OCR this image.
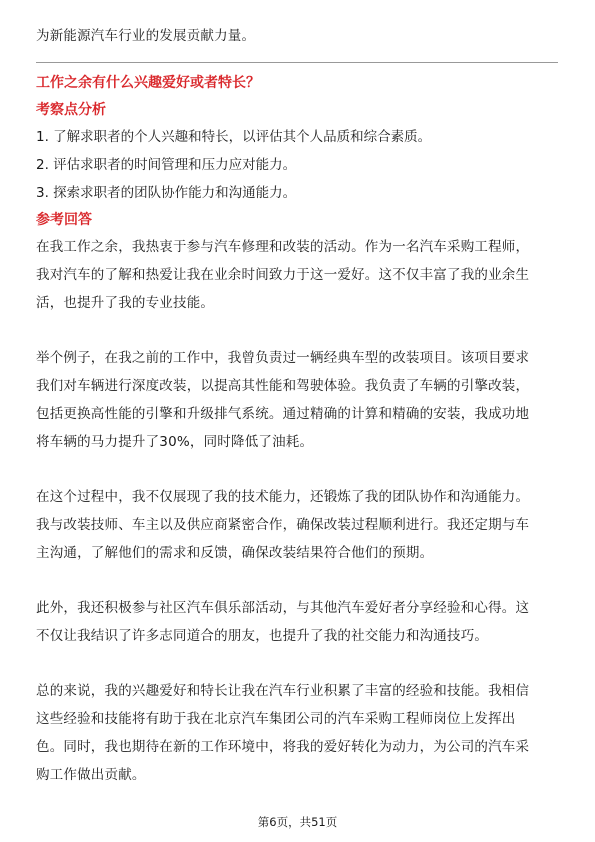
为新能源汽车行业的发展贡献力量。
工作之余有什么兴趣爱好或者特长？
考察点分析
1. 了解求职者的个人兴趣和特长，以评估其个人品质和综合素质。
2. 评估求职者的时间管理和压力应对能力。
3. 探索求职者的团队协作能力和沟通能力。
参考回答
在我工作之余，我热衷于参与汽车修理和改装的活动。作为一名汽车采购工程师，
我对汽车的了解和热爱让我在业余时间致力于这一爱好。这不仅丰富了我的业余生
活，也提升了我的专业技能。
举个例子，在我之前的工作中，我曾负责过一辆经典车型的改装项目。该项目要求
我们对车辆进行深度改装，以提高其性能和驾驶体验。我负责了车辆的引擎改装，
包括更换高性能的引擎和升级排气系统。通过精确的计算和精确的安装，我成功地
将车辆的马力提升了30%，同时降低了油耗。
在这个过程中，我不仅展现了我的技术能力，还锻炼了我的团队协作和沟通能力。
我与改装技师、车主以及供应商紧密合作，确保改装过程顺利进行。我还定期与车
主沟通，了解他们的需求和反馈，确保改装结果符合他们的预期。
此外，我还积极参与社区汽车俱乐部活动，与其他汽车爱好者分享经验和心得。这
不仅让我结识了许多志同道合的朋友，也提升了我的社交能力和沟通技巧。
总的来说，我的兴趣爱好和特长让我在汽车行业积累了丰富的经验和技能。我相信
这些经验和技能将有助于我在北京汽车集团公司的汽车采购工程师岗位上发挥出
色。同时，我也期待在新的工作环境中，将我的爱好转化为动力，为公司的汽车采
购工作做出贡献。
第6页，共51页
